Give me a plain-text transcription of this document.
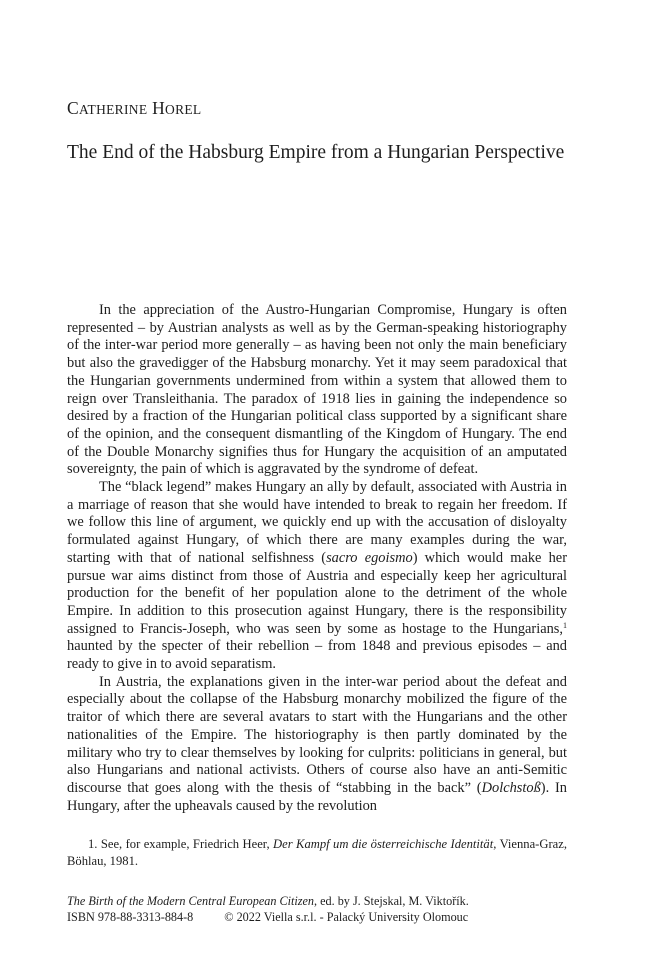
CATHERINE HOREL
The End of the Habsburg Empire from a Hungarian Perspective

In the appreciation of the Austro-Hungarian Compromise, Hungary is often represented – by Austrian analysts as well as by the German-speaking historiography of the inter-war period more generally – as having been not only the main beneficiary but also the gravedigger of the Habsburg monarchy. Yet it may seem paradoxical that the Hungarian governments undermined from within a system that allowed them to reign over Transleithania. The paradox of 1918 lies in gaining the independence so desired by a fraction of the Hungarian political class supported by a significant share of the opinion, and the consequent dismantling of the Kingdom of Hungary. The end of the Double Monarchy signifies thus for Hungary the acquisition of an amputated sovereignty, the pain of which is aggravated by the syndrome of defeat.

The “black legend” makes Hungary an ally by default, associated with Austria in a marriage of reason that she would have intended to break to regain her freedom. If we follow this line of argument, we quickly end up with the accusation of disloyalty formulated against Hungary, of which there are many examples during the war, starting with that of national selfishness (sacro egoismo) which would make her pursue war aims distinct from those of Austria and especially keep her agricultural production for the benefit of her population alone to the detriment of the whole Empire. In addition to this prosecution against Hungary, there is the responsibility assigned to Francis-Joseph, who was seen by some as hostage to the Hungarians,$^1$ haunted by the specter of their rebellion – from 1848 and previous episodes – and ready to give in to avoid separatism.

In Austria, the explanations given in the inter-war period about the defeat and especially about the collapse of the Habsburg monarchy mobilized the figure of the traitor of which there are several avatars to start with the Hungarians and the other nationalities of the Empire. The historiography is then partly dominated by the military who try to clear themselves by looking for culprits: politicians in general, but also Hungarians and national activists. Others of course also have an anti-Semitic discourse that goes along with the thesis of “stabbing in the back” (Dolchstoß). In Hungary, after the upheavals caused by the revolution

1. See, for example, Friedrich Heer, Der Kampf um die österreichische Identität, Vienna-Graz, Böhlau, 1981.

The Birth of the Modern Central European Citizen, ed. by J. Stejskal, M. Viktořík.
ISBN 978-88-3313-884-8	© 2022 Viella s.r.l. - Palacký University Olomouc
